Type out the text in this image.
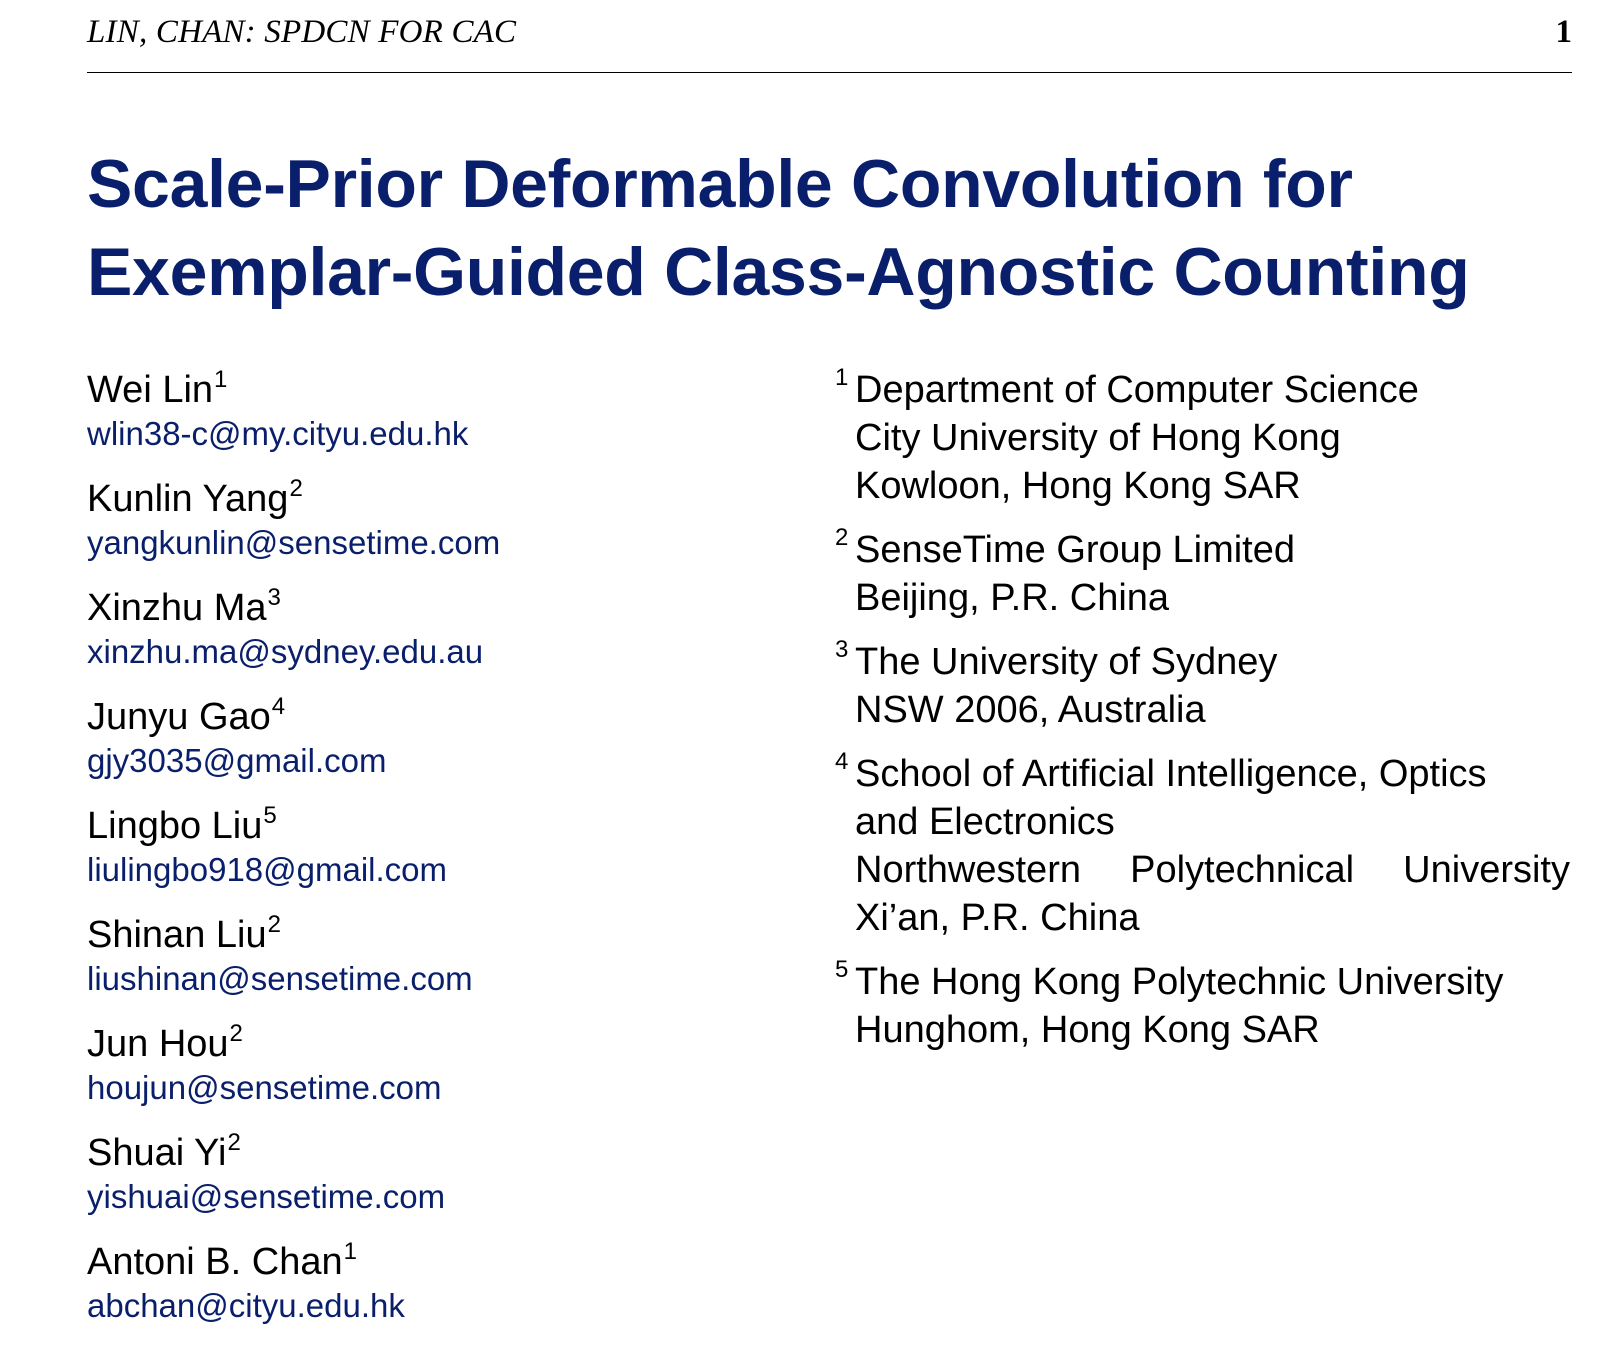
LIN, CHAN: SPDCN FOR CAC	1
Scale-Prior Deformable Convolution for
Exemplar-Guided Class-Agnostic Counting
Wei Lin$^1$
wlin38-c@my.cityu.edu.hk
Kunlin Yang$^2$
yangkunlin@sensetime.com
Xinzhu Ma$^3$
xinzhu.ma@sydney.edu.au
Junyu Gao$^4$
gjy3035@gmail.com
Lingbo Liu$^5$
liulingbo918@gmail.com
Shinan Liu$^2$
liushinan@sensetime.com
Jun Hou$^2$
houjun@sensetime.com
Shuai Yi$^2$
yishuai@sensetime.com
Antoni B. Chan$^1$
abchan@cityu.edu.hk
1 Department of Computer Science
City University of Hong Kong
Kowloon, Hong Kong SAR
2 SenseTime Group Limited
Beijing, P.R. China
3 The University of Sydney
NSW 2006, Australia
4 School of Artificial Intelligence, Optics
and Electronics
Northwestern Polytechnical University
Xi’an, P.R. China
5 The Hong Kong Polytechnic University
Hunghom, Hong Kong SAR
